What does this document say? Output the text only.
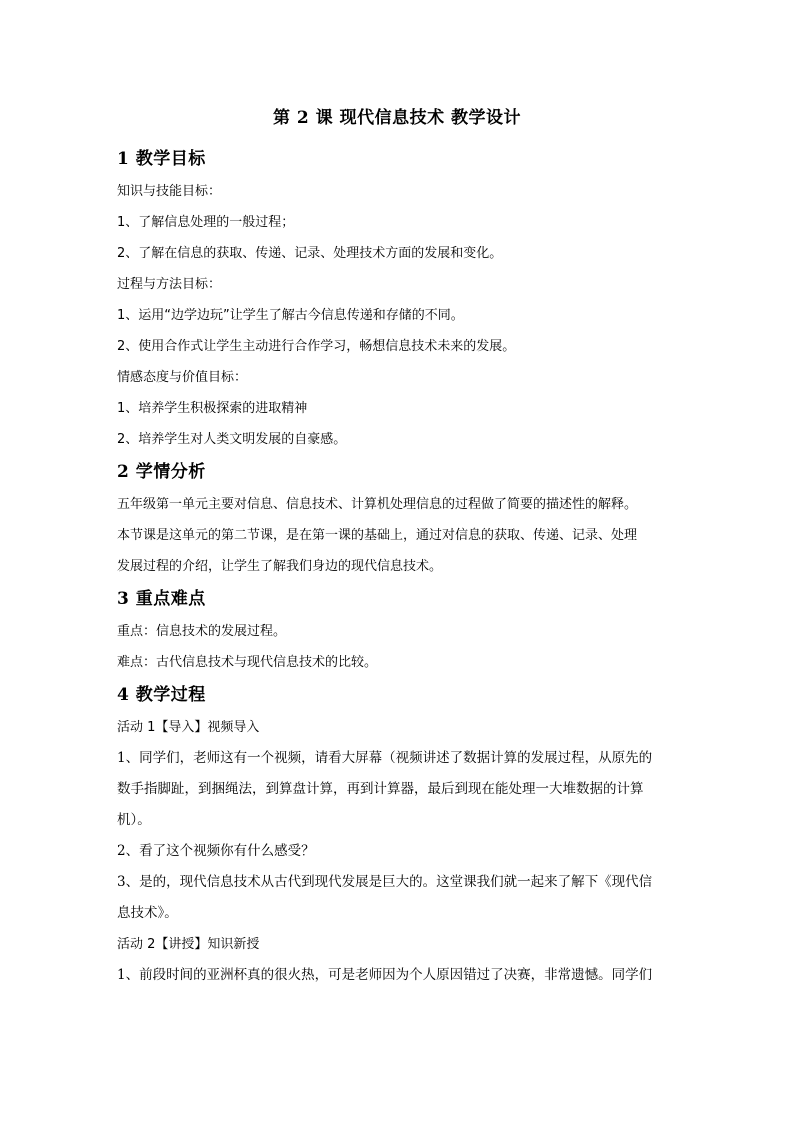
第 2 课 现代信息技术 教学设计
1 教学目标

知识与技能目标：

1、了解信息处理的一般过程；

2、了解在信息的获取、传递、记录、处理技术方面的发展和变化。

过程与方法目标：

1、运用“边学边玩”让学生了解古今信息传递和存储的不同。

2、使用合作式让学生主动进行合作学习，畅想信息技术未来的发展。

情感态度与价值目标：

1、培养学生积极探索的进取精神

2、培养学生对人类文明发展的自豪感。

2 学情分析

五年级第一单元主要对信息、信息技术、计算机处理信息的过程做了简要的描述性的解释。

本节课是这单元的第二节课，是在第一课的基础上，通过对信息的获取、传递、记录、处理

发展过程的介绍，让学生了解我们身边的现代信息技术。

3 重点难点

重点：信息技术的发展过程。

难点：古代信息技术与现代信息技术的比较。

4 教学过程

活动 1【导入】视频导入

1、同学们，老师这有一个视频，请看大屏幕（视频讲述了数据计算的发展过程，从原先的

数手指脚趾，到捆绳法，到算盘计算，再到计算器，最后到现在能处理一大堆数据的计算

机）。

2、看了这个视频你有什么感受？

3、是的，现代信息技术从古代到现代发展是巨大的。这堂课我们就一起来了解下《现代信

息技术》。

活动 2【讲授】知识新授

1、前段时间的亚洲杯真的很火热，可是老师因为个人原因错过了决赛，非常遗憾。同学们
